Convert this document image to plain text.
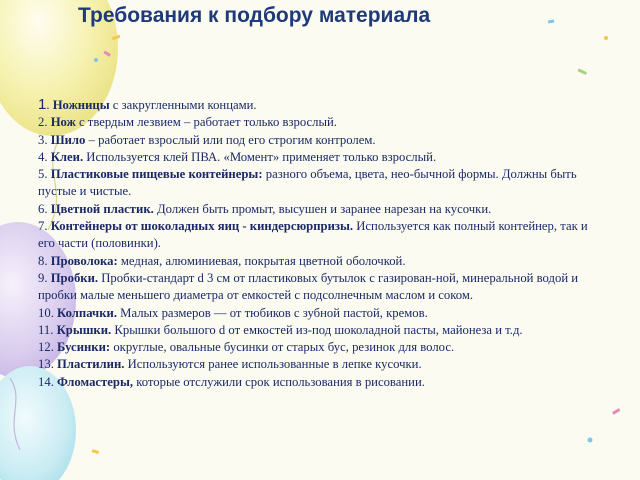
Требования к подбору материала
1. Ножницы с закругленными концами.
2. Нож с твердым лезвием – работает только взрослый.
3. Шило – работает взрослый или под его строгим контролем.
4. Клеи. Используется клей ПВА. «Момент» применяет только взрослый.
5. Пластиковые пищевые контейнеры: разного объема, цвета, нео-бычной формы. Должны быть пустые и чистые.
6. Цветной пластик. Должен быть промыт, высушен и заранее нарезан на кусочки.
7. Контейнеры от шоколадных яиц - киндерсюрпризы. Используется как полный контейнер, так и его части (половинки).
8. Проволока: медная, алюминиевая, покрытая цветной оболочкой.
9. Пробки. Пробки-стандарт d 3 см от пластиковых бутылок с газирован-ной, минеральной водой и пробки малые меньшего диаметра от емкостей с подсолнечным маслом и соком.
10. Колпачки. Малых размеров — от тюбиков с зубной пастой, кремов.
11. Крышки. Крышки большого d от емкостей из-под шоколадной пасты, майонеза и т.д.
12. Бусинки: округлые, овальные бусинки от старых бус, резинок для волос.
13. Пластилин. Используются ранее использованные в лепке кусочки.
14. Фломастеры, которые отслужили срок использования в рисовании.
